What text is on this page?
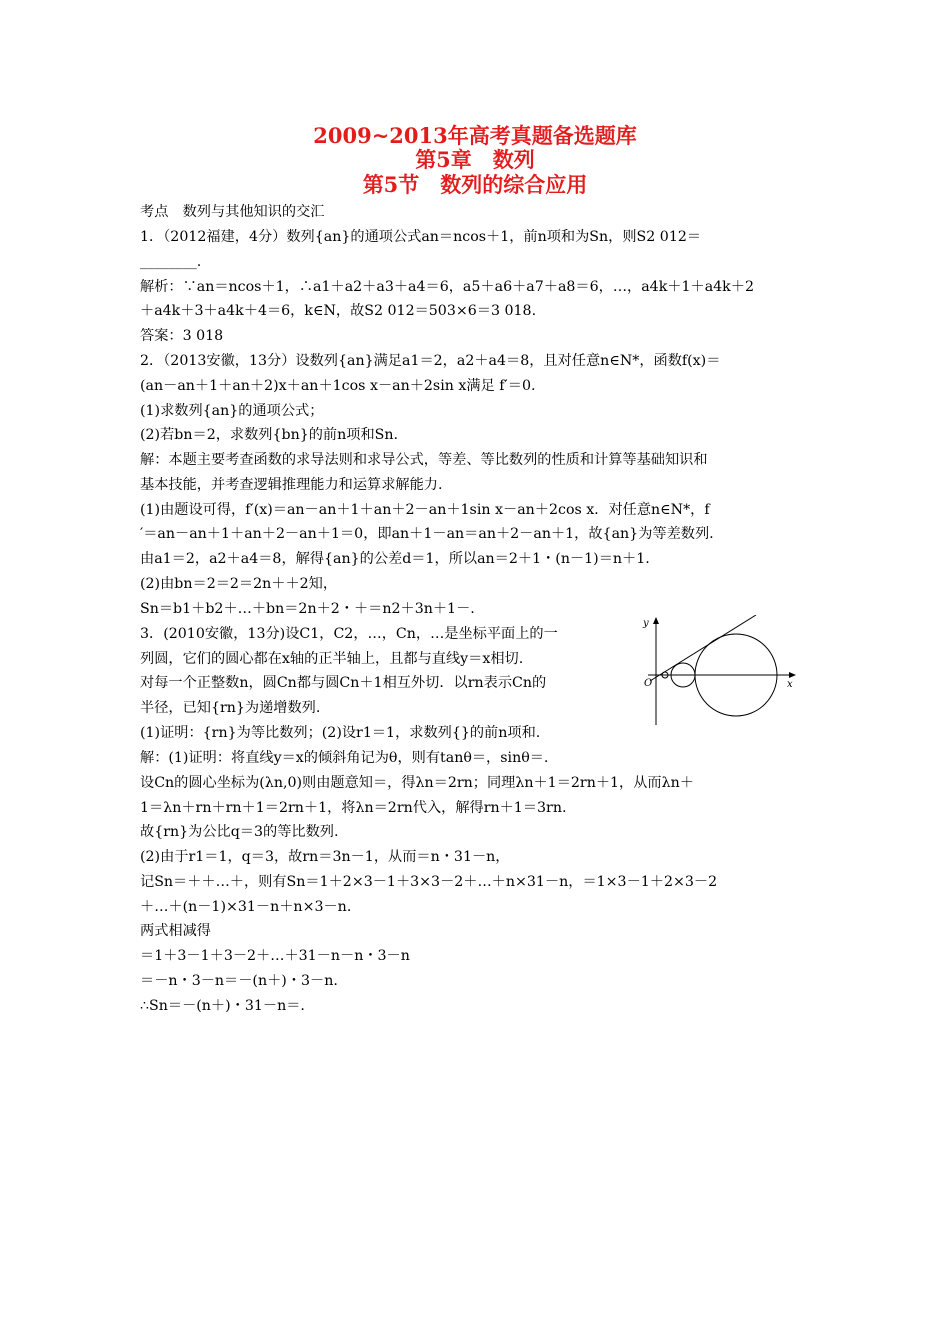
2009~2013年高考真题备选题库
第5章　数列
第5节　数列的综合应用
考点　数列与其他知识的交汇
1．（2012福建，4分）数列{an}的通项公式an＝ncos＋1，前n项和为Sn，则S2 012＝
________.
解析：∵an＝ncos＋1，∴a1＋a2＋a3＋a4＝6，a5＋a6＋a7＋a8＝6，…，a4k＋1＋a4k＋2
＋a4k＋3＋a4k＋4＝6，k∈N，故S2 012＝503×6＝3 018.
答案：3 018
2．（2013安徽，13分）设数列{an}满足a1＝2，a2＋a4＝8，且对任意n∈N*，函数f(x)＝
(an－an＋1＋an＋2)x＋an＋1cos x－an＋2sin x满足 f′＝0.
(1)求数列{an}的通项公式；
(2)若bn＝2，求数列{bn}的前n项和Sn.
解：本题主要考查函数的求导法则和求导公式，等差、等比数列的性质和计算等基础知识和
基本技能，并考查逻辑推理能力和运算求解能力.
(1)由题设可得，f′(x)＝an－an＋1＋an＋2－an＋1sin x－an＋2cos x．对任意n∈N*，f
′＝an－an＋1＋an＋2－an＋1＝0，即an＋1－an＝an＋2－an＋1，故{an}为等差数列.
由a1＝2，a2＋a4＝8，解得{an}的公差d＝1，所以an＝2＋1・(n－1)＝n＋1.
(2)由bn＝2＝2＝2n＋＋2知，
Sn＝b1＋b2＋…＋bn＝2n＋2・＋＝n2＋3n＋1－.
3．(2010安徽，13分)设C1，C2，…，Cn，…是坐标平面上的一
列圆，它们的圆心都在x轴的正半轴上，且都与直线y＝x相切.
对每一个正整数n，圆Cn都与圆Cn＋1相互外切．以rn表示Cn的
半径，已知{rn}为递增数列.
(1)证明：{rn}为等比数列；(2)设r1＝1，求数列{}的前n项和.
解：(1)证明：将直线y＝x的倾斜角记为θ，则有tanθ＝，sinθ＝.
设Cn的圆心坐标为(λn,0)则由题意知＝，得λn＝2rn；同理λn＋1＝2rn＋1，从而λn＋
1＝λn＋rn＋rn＋1＝2rn＋1，将λn＝2rn代入，解得rn＋1＝3rn.
故{rn}为公比q＝3的等比数列.
(2)由于r1＝1，q＝3，故rn＝3n－1，从而＝n・31－n，
记Sn＝＋＋…＋，则有Sn＝1＋2×3－1＋3×3－2＋…＋n×31－n，＝1×3－1＋2×3－2
＋…＋(n－1)×31－n＋n×3－n.
两式相减得
＝1＋3－1＋3－2＋…＋31－n－n・3－n
＝－n・3－n＝－(n＋)・3－n.
∴Sn＝－(n＋)・31－n＝.
y
x
O
